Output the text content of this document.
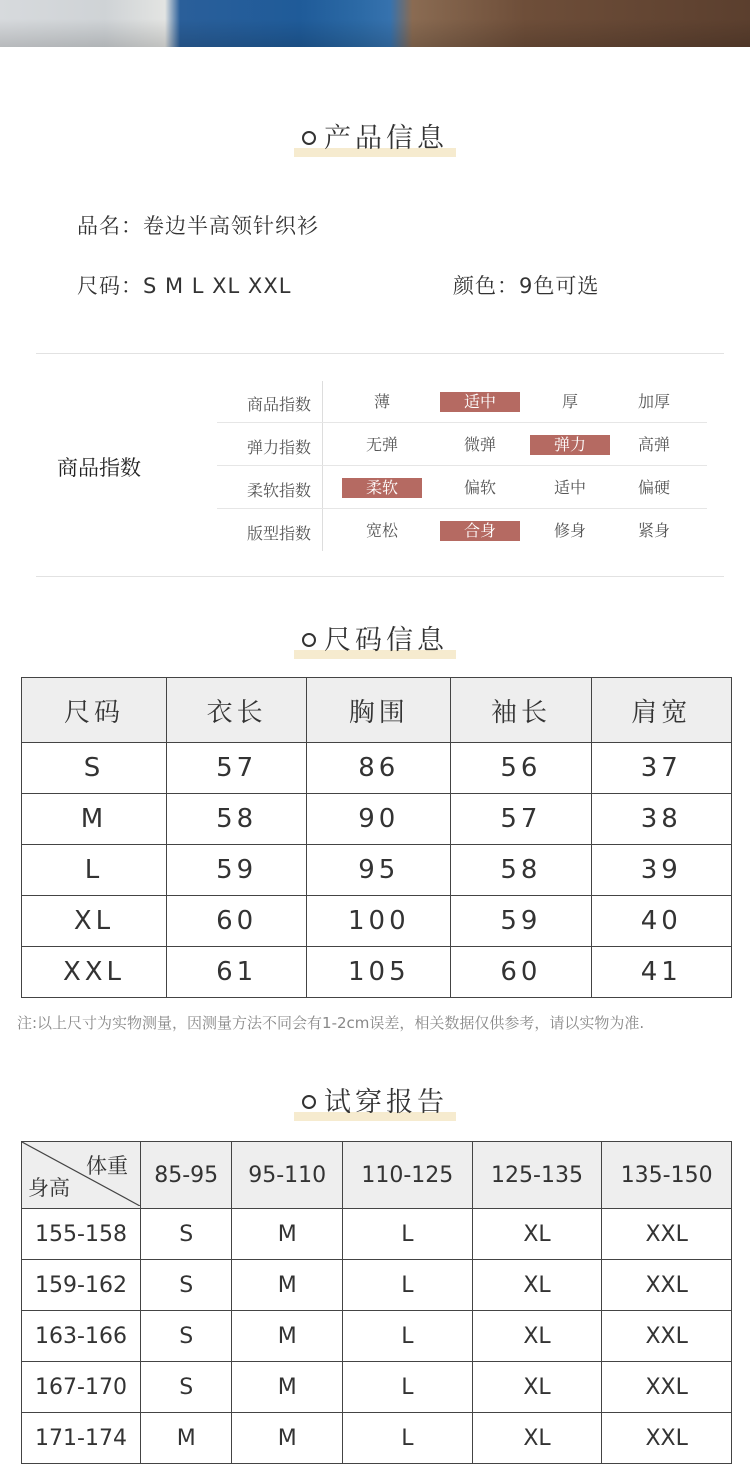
产品信息
品名：卷边半高领针织衫
尺码：S M L XL XXL	颜色：9色可选
商品指数
商品指数	薄	适中	厚	加厚
弹力指数	无弹	微弹	弹力	高弹
柔软指数	柔软	偏软	适中	偏硬
版型指数	宽松	合身	修身	紧身
尺码信息
尺码	衣长	胸围	袖长	肩宽
S	57	86	56	37
M	58	90	57	38
L	59	95	58	39
XL	60	100	59	40
XXL	61	105	60	41
注:以上尺寸为实物测量，因测量方法不同会有1-2cm误差，相关数据仅供参考，请以实物为准.
试穿报告
体重
身高	85-95	95-110	110-125	125-135	135-150
155-158	S	M	L	XL	XXL
159-162	S	M	L	XL	XXL
163-166	S	M	L	XL	XXL
167-170	S	M	L	XL	XXL
171-174	M	M	L	XL	XXL
